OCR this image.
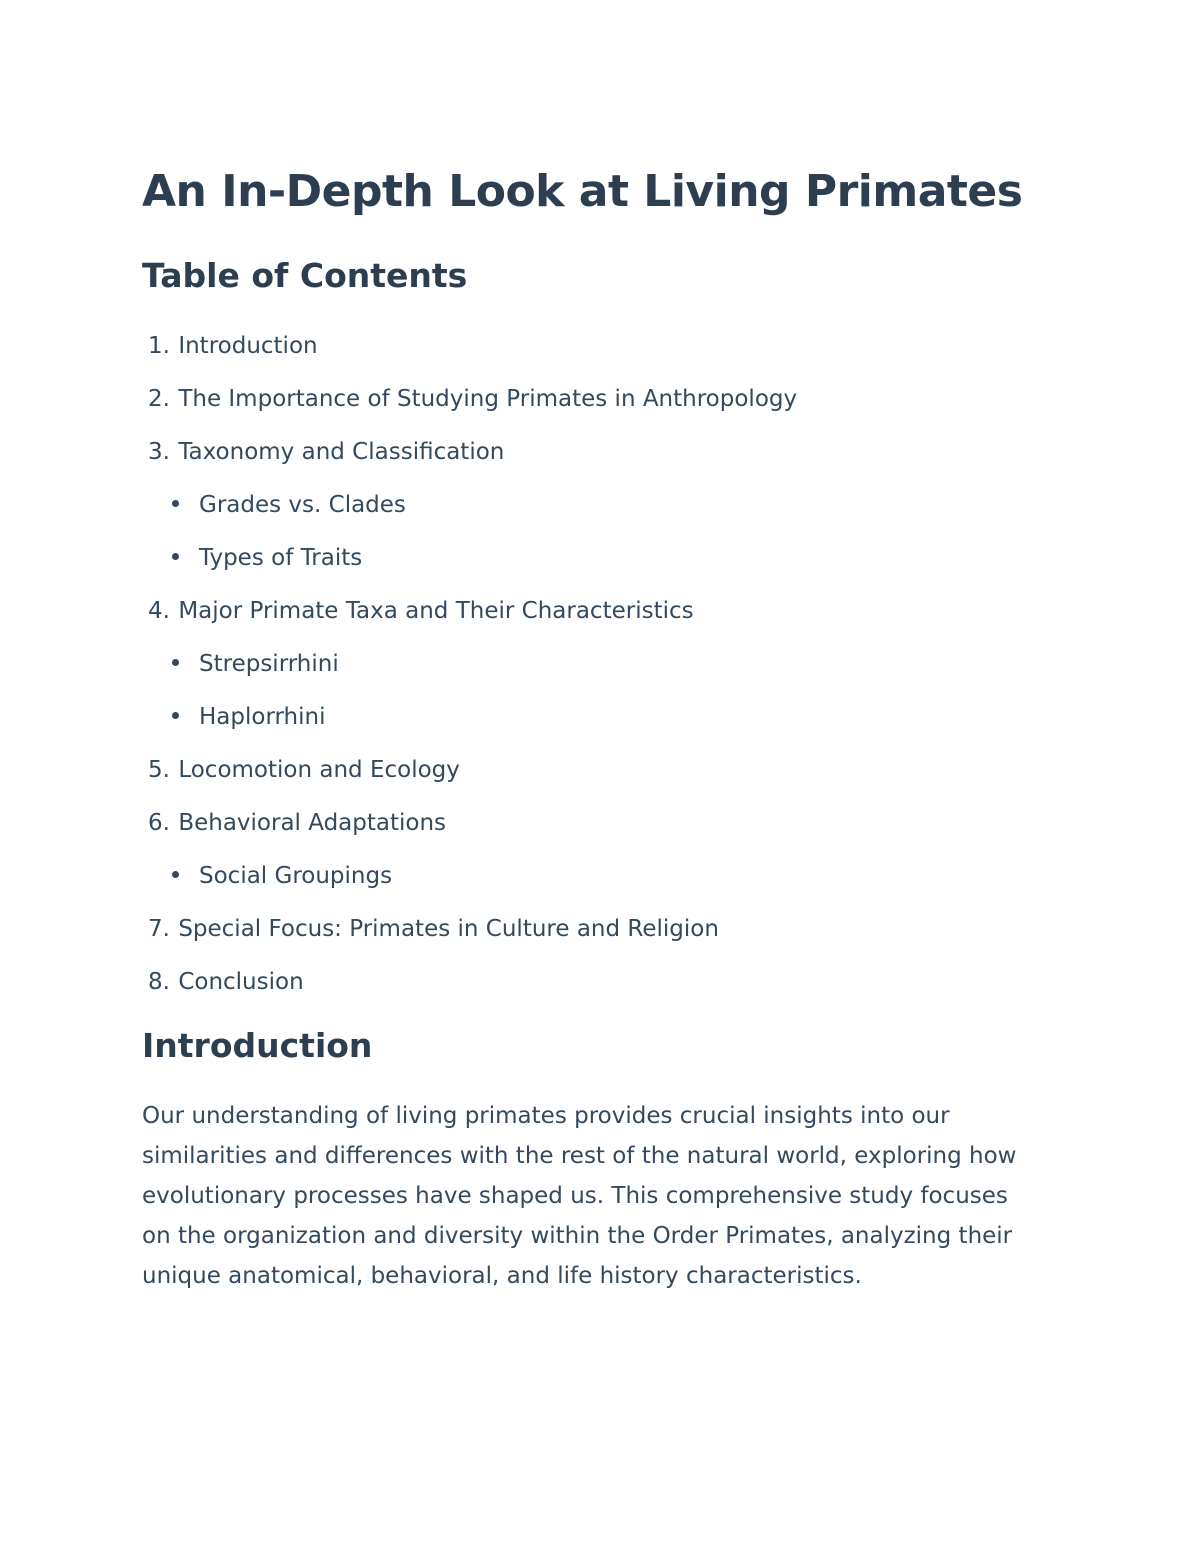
An In-Depth Look at Living Primates
Table of Contents
1. Introduction
2. The Importance of Studying Primates in Anthropology
3. Taxonomy and Classification
Grades vs. Clades
Types of Traits
4. Major Primate Taxa and Their Characteristics
Strepsirrhini
Haplorrhini
5. Locomotion and Ecology
6. Behavioral Adaptations
Social Groupings
7. Special Focus: Primates in Culture and Religion
8. Conclusion
Introduction

Our understanding of living primates provides crucial insights into our similarities and differences with the rest of the natural world, exploring how evolutionary processes have shaped us. This comprehensive study focuses on the organization and diversity within the Order Primates, analyzing their unique anatomical, behavioral, and life history characteristics.
